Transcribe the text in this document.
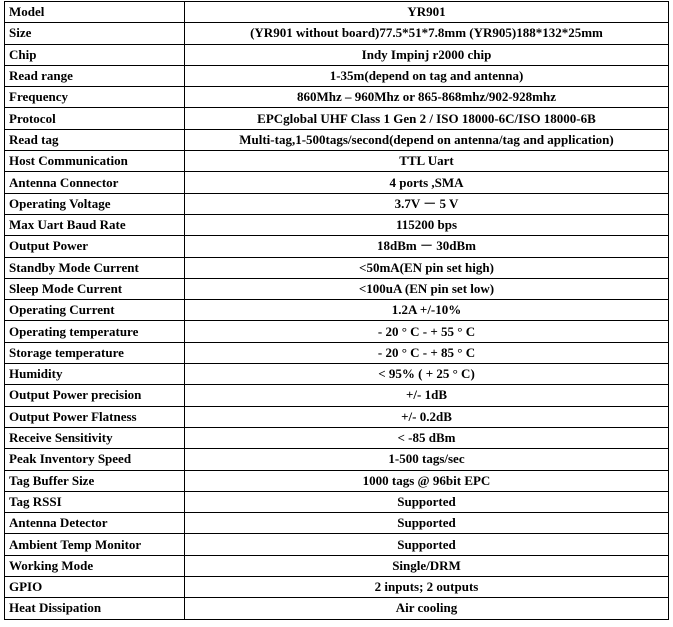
Model	YR901
Size	(YR901 without board)77.5*51*7.8mm (YR905)188*132*25mm
Chip	Indy Impinj r2000 chip
Read range	1-35m(depend on tag and antenna)
Frequency	860Mhz – 960Mhz or 865-868mhz/902-928mhz
Protocol	EPCglobal UHF Class 1 Gen 2 / ISO 18000-6C/ISO 18000-6B
Read tag	Multi-tag,1-500tags/second(depend on antenna/tag and application)
Host Communication	TTL Uart
Antenna Connector	4 ports ,SMA
Operating Voltage	3.7V － 5 V
Max Uart Baud Rate	115200 bps
Output Power	18dBm － 30dBm
Standby Mode Current	<50mA(EN pin set high)
Sleep Mode Current	<100uA (EN pin set low)
Operating Current	1.2A +/-10%
Operating temperature	- 20 ° C - + 55 ° C
Storage temperature	- 20 ° C - + 85 ° C
Humidity	< 95% ( + 25 ° C)
Output Power precision	+/- 1dB
Output Power Flatness	+/- 0.2dB
Receive Sensitivity	< -85 dBm
Peak Inventory Speed	1-500 tags/sec
Tag Buffer Size	1000 tags @ 96bit EPC
Tag RSSI	Supported
Antenna Detector	Supported
Ambient Temp Monitor	Supported
Working Mode	Single/DRM
GPIO	2 inputs; 2 outputs
Heat Dissipation	Air cooling
